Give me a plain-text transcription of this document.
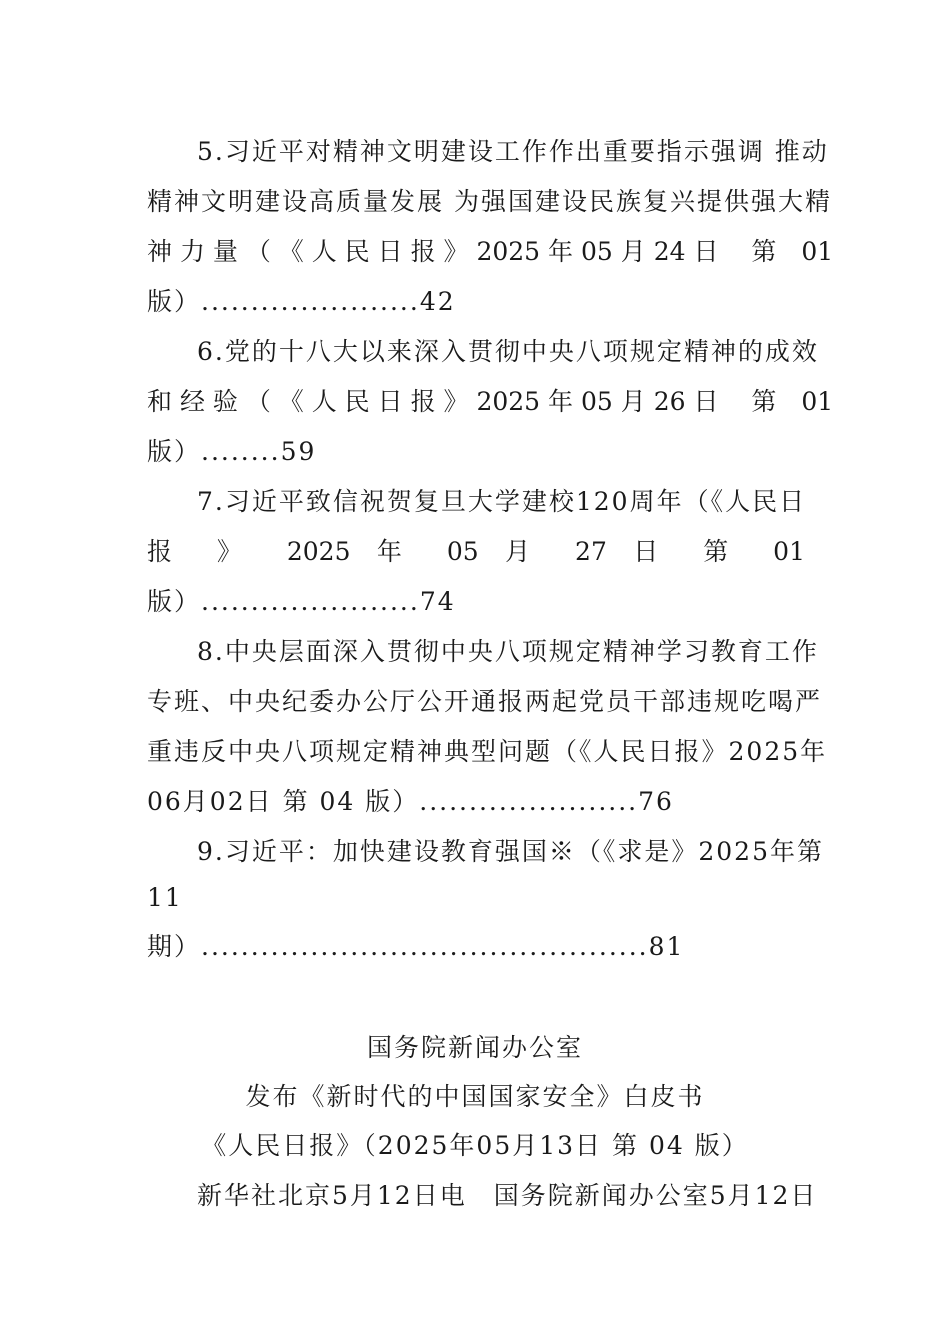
5.习近平对精神文明建设工作作出重要指示强调 推动
精神文明建设高质量发展 为强国建设民族复兴提供强大精
神 力 量 （ 《 人 民 日 报 》 2025 年 05 月 24 日 　第　01
版）......................42
6.党的十八大以来深入贯彻中央八项规定精神的成效
和 经 验 （ 《 人 民 日 报 》 2025 年 05 月 26 日 　第　01
版）........59
7.习近平致信祝贺复旦大学建校120周年（《人民日
报 》 2025 年 05 月 27 日 第 01
版）......................74
8.中央层面深入贯彻中央八项规定精神学习教育工作
专班、中央纪委办公厅公开通报两起党员干部违规吃喝严
重违反中央八项规定精神典型问题（《人民日报》2025年
06月02日 第 04 版）......................76
9.习近平：加快建设教育强国※（《求是》2025年第
11
期）.............................................81
国务院新闻办公室
发布《新时代的中国国家安全》白皮书
《人民日报》（2025年05月13日 第 04 版）
新华社北京5月12日电　国务院新闻办公室5月12日
